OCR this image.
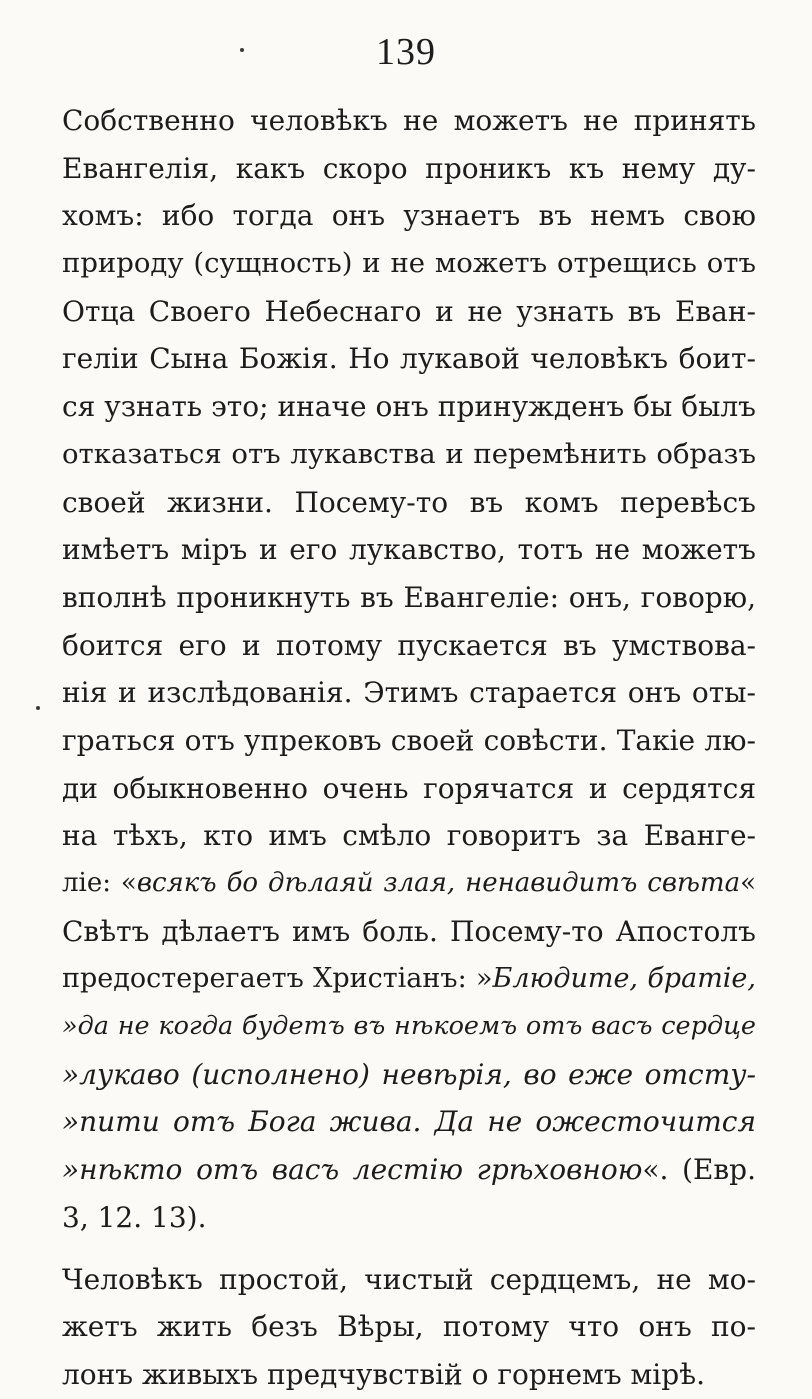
139
Собственно человѣкъ не можетъ не принять
Евангелія, какъ скоро проникъ къ нему ду-
хомъ: ибо тогда онъ узнаетъ въ немъ свою
природу (сущность) и не можетъ отрещись отъ
Отца Своего Небеснаго и не узнать въ Еван-
геліи Сына Божія. Но лукавой человѣкъ боит-
ся узнать это; иначе онъ принужденъ бы былъ
отказаться отъ лукавства и перемѣнить образъ
своей жизни. Посему-то въ комъ перевѣсъ
имѣетъ міръ и его лукавство, тотъ не можетъ
вполнѣ проникнуть въ Евангеліе: онъ, говорю,
боится его и потому пускается въ умствова-
нія и изслѣдованія. Этимъ старается онъ оты-
граться отъ упрековъ своей совѣсти. Такіе лю-
ди обыкновенно очень горячатся и сердятся
на тѣхъ, кто имъ смѣло говоритъ за Еванге-
ліе: «всякъ бо дѣлаяй злая, ненавидитъ свѣта«
Свѣтъ дѣлаетъ имъ боль. Посему-то Апостолъ
предостерегаетъ Христіанъ: »Блюдите, братіе,
»да не когда будетъ въ нѣкоемъ отъ васъ сердце
»лукаво (исполнено) невѣрія, во еже отсту-
»пити отъ Бога жива. Да не ожесточится
»нѣкто отъ васъ лестію грѣховною«. (Евр.
3, 12. 13).
Человѣкъ простой, чистый сердцемъ, не мо-
жетъ жить безъ Вѣры, потому что онъ по-
лонъ живыхъ предчувствій о горнемъ мірѣ.
